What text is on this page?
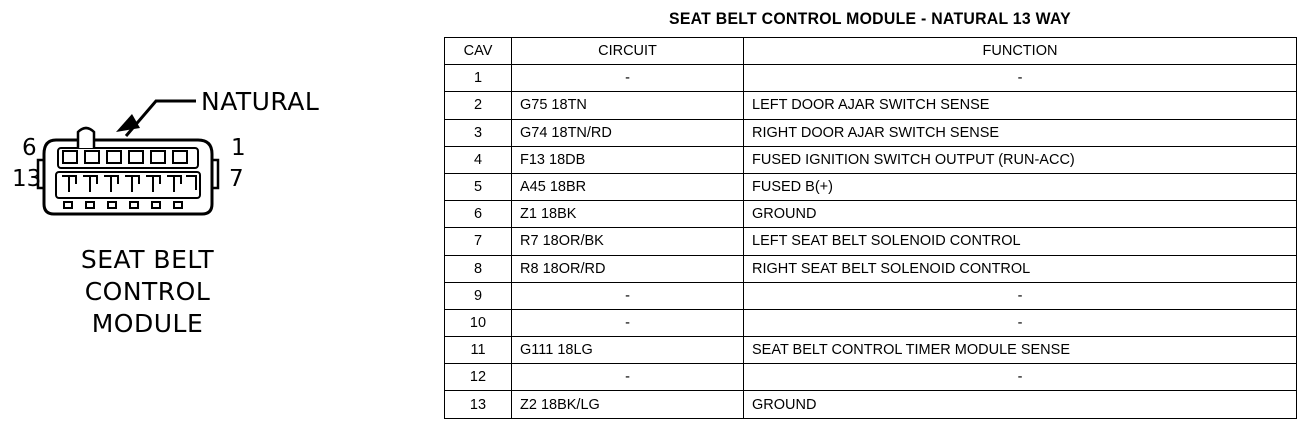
NATURAL
6	1
13	7
SEAT BELT
CONTROL
MODULE
SEAT BELT CONTROL MODULE - NATURAL 13 WAY
CAV	CIRCUIT	FUNCTION
1	-	-
2	G75 18TN	LEFT DOOR AJAR SWITCH SENSE
3	G74 18TN/RD	RIGHT DOOR AJAR SWITCH SENSE
4	F13 18DB	FUSED IGNITION SWITCH OUTPUT (RUN-ACC)
5	A45 18BR	FUSED B(+)
6	Z1 18BK	GROUND
7	R7 18OR/BK	LEFT SEAT BELT SOLENOID CONTROL
8	R8 18OR/RD	RIGHT SEAT BELT SOLENOID CONTROL
9	-	-
10	-	-
11	G111 18LG	SEAT BELT CONTROL TIMER MODULE SENSE
12	-	-
13	Z2 18BK/LG	GROUND
